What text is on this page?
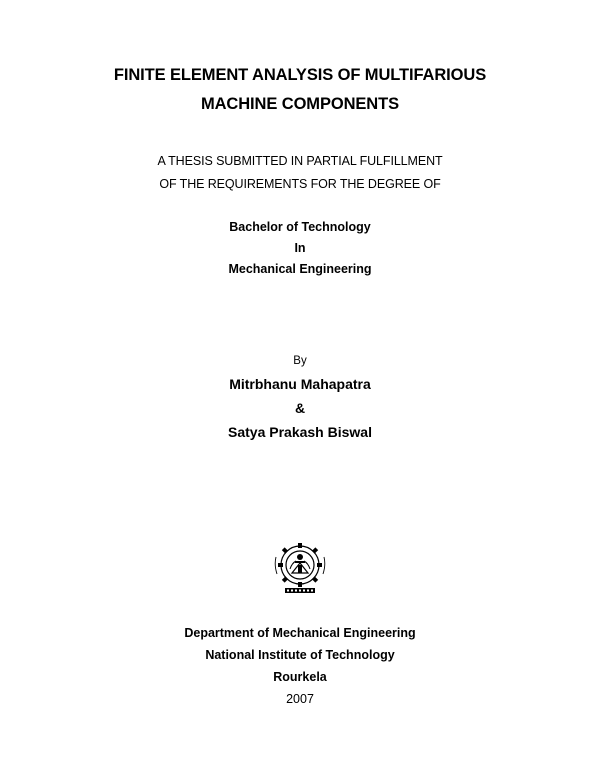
FINITE ELEMENT ANALYSIS OF MULTIFARIOUS
MACHINE COMPONENTS
A THESIS SUBMITTED IN PARTIAL FULFILLMENT
OF THE REQUIREMENTS FOR THE DEGREE OF
Bachelor of Technology
In
Mechanical Engineering
By
Mitrbhanu Mahapatra
&
Satya Prakash Biswal
Department of Mechanical Engineering
National Institute of Technology
Rourkela
2007
